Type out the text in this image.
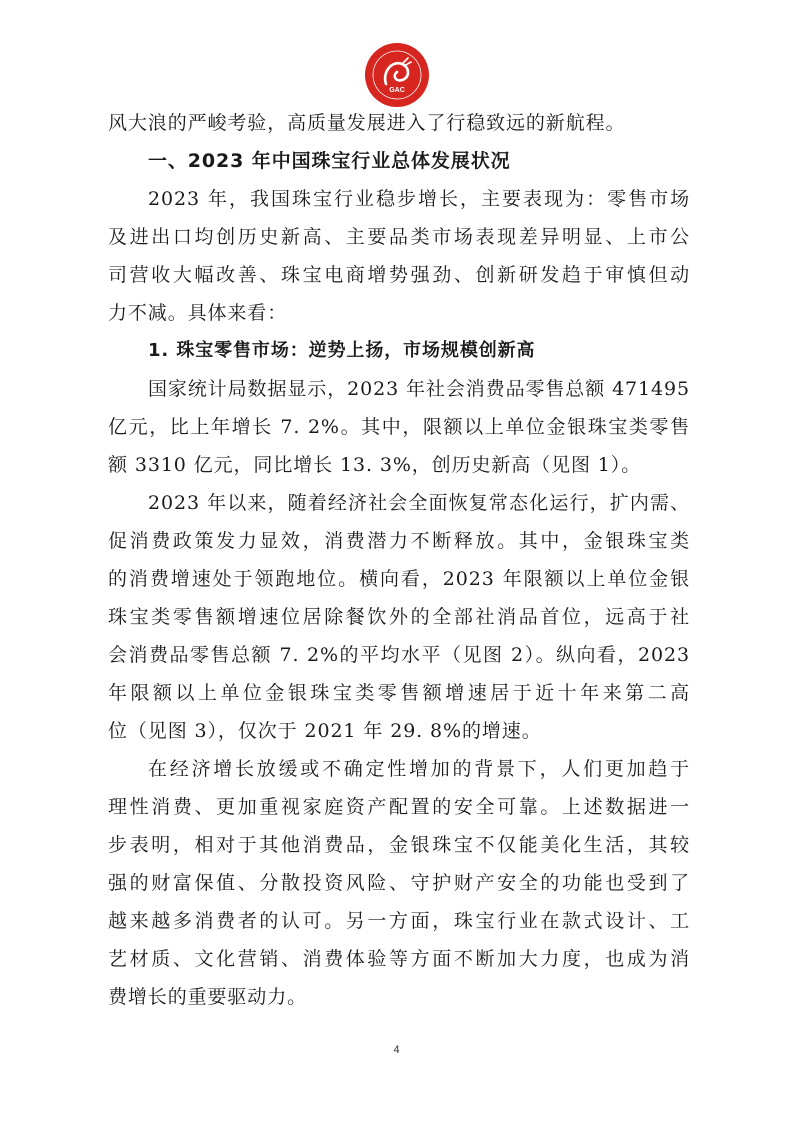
GAC
风大浪的严峻考验，高质量发展进入了行稳致远的新航程。
一、2023 年中国珠宝行业总体发展状况
2023 年，我国珠宝行业稳步增长，主要表现为：零售市场
及进出口均创历史新高、主要品类市场表现差异明显、上市公
司营收大幅改善、珠宝电商增势强劲、创新研发趋于审慎但动
力不减。具体来看：
1. 珠宝零售市场：逆势上扬，市场规模创新高
国家统计局数据显示，2023 年社会消费品零售总额 471495
亿元，比上年增长 7. 2%。其中，限额以上单位金银珠宝类零售
额 3310 亿元，同比增长 13. 3%，创历史新高（见图 1）。
2023 年以来，随着经济社会全面恢复常态化运行，扩内需、
促消费政策发力显效，消费潜力不断释放。其中，金银珠宝类
的消费增速处于领跑地位。横向看，2023 年限额以上单位金银
珠宝类零售额增速位居除餐饮外的全部社消品首位，远高于社
会消费品零售总额 7. 2%的平均水平（见图 2）。纵向看，2023
年限额以上单位金银珠宝类零售额增速居于近十年来第二高
位（见图 3），仅次于 2021 年 29. 8%的增速。
在经济增长放缓或不确定性增加的背景下，人们更加趋于
理性消费、更加重视家庭资产配置的安全可靠。上述数据进一
步表明，相对于其他消费品，金银珠宝不仅能美化生活，其较
强的财富保值、分散投资风险、守护财产安全的功能也受到了
越来越多消费者的认可。另一方面，珠宝行业在款式设计、工
艺材质、文化营销、消费体验等方面不断加大力度，也成为消
费增长的重要驱动力。
4
